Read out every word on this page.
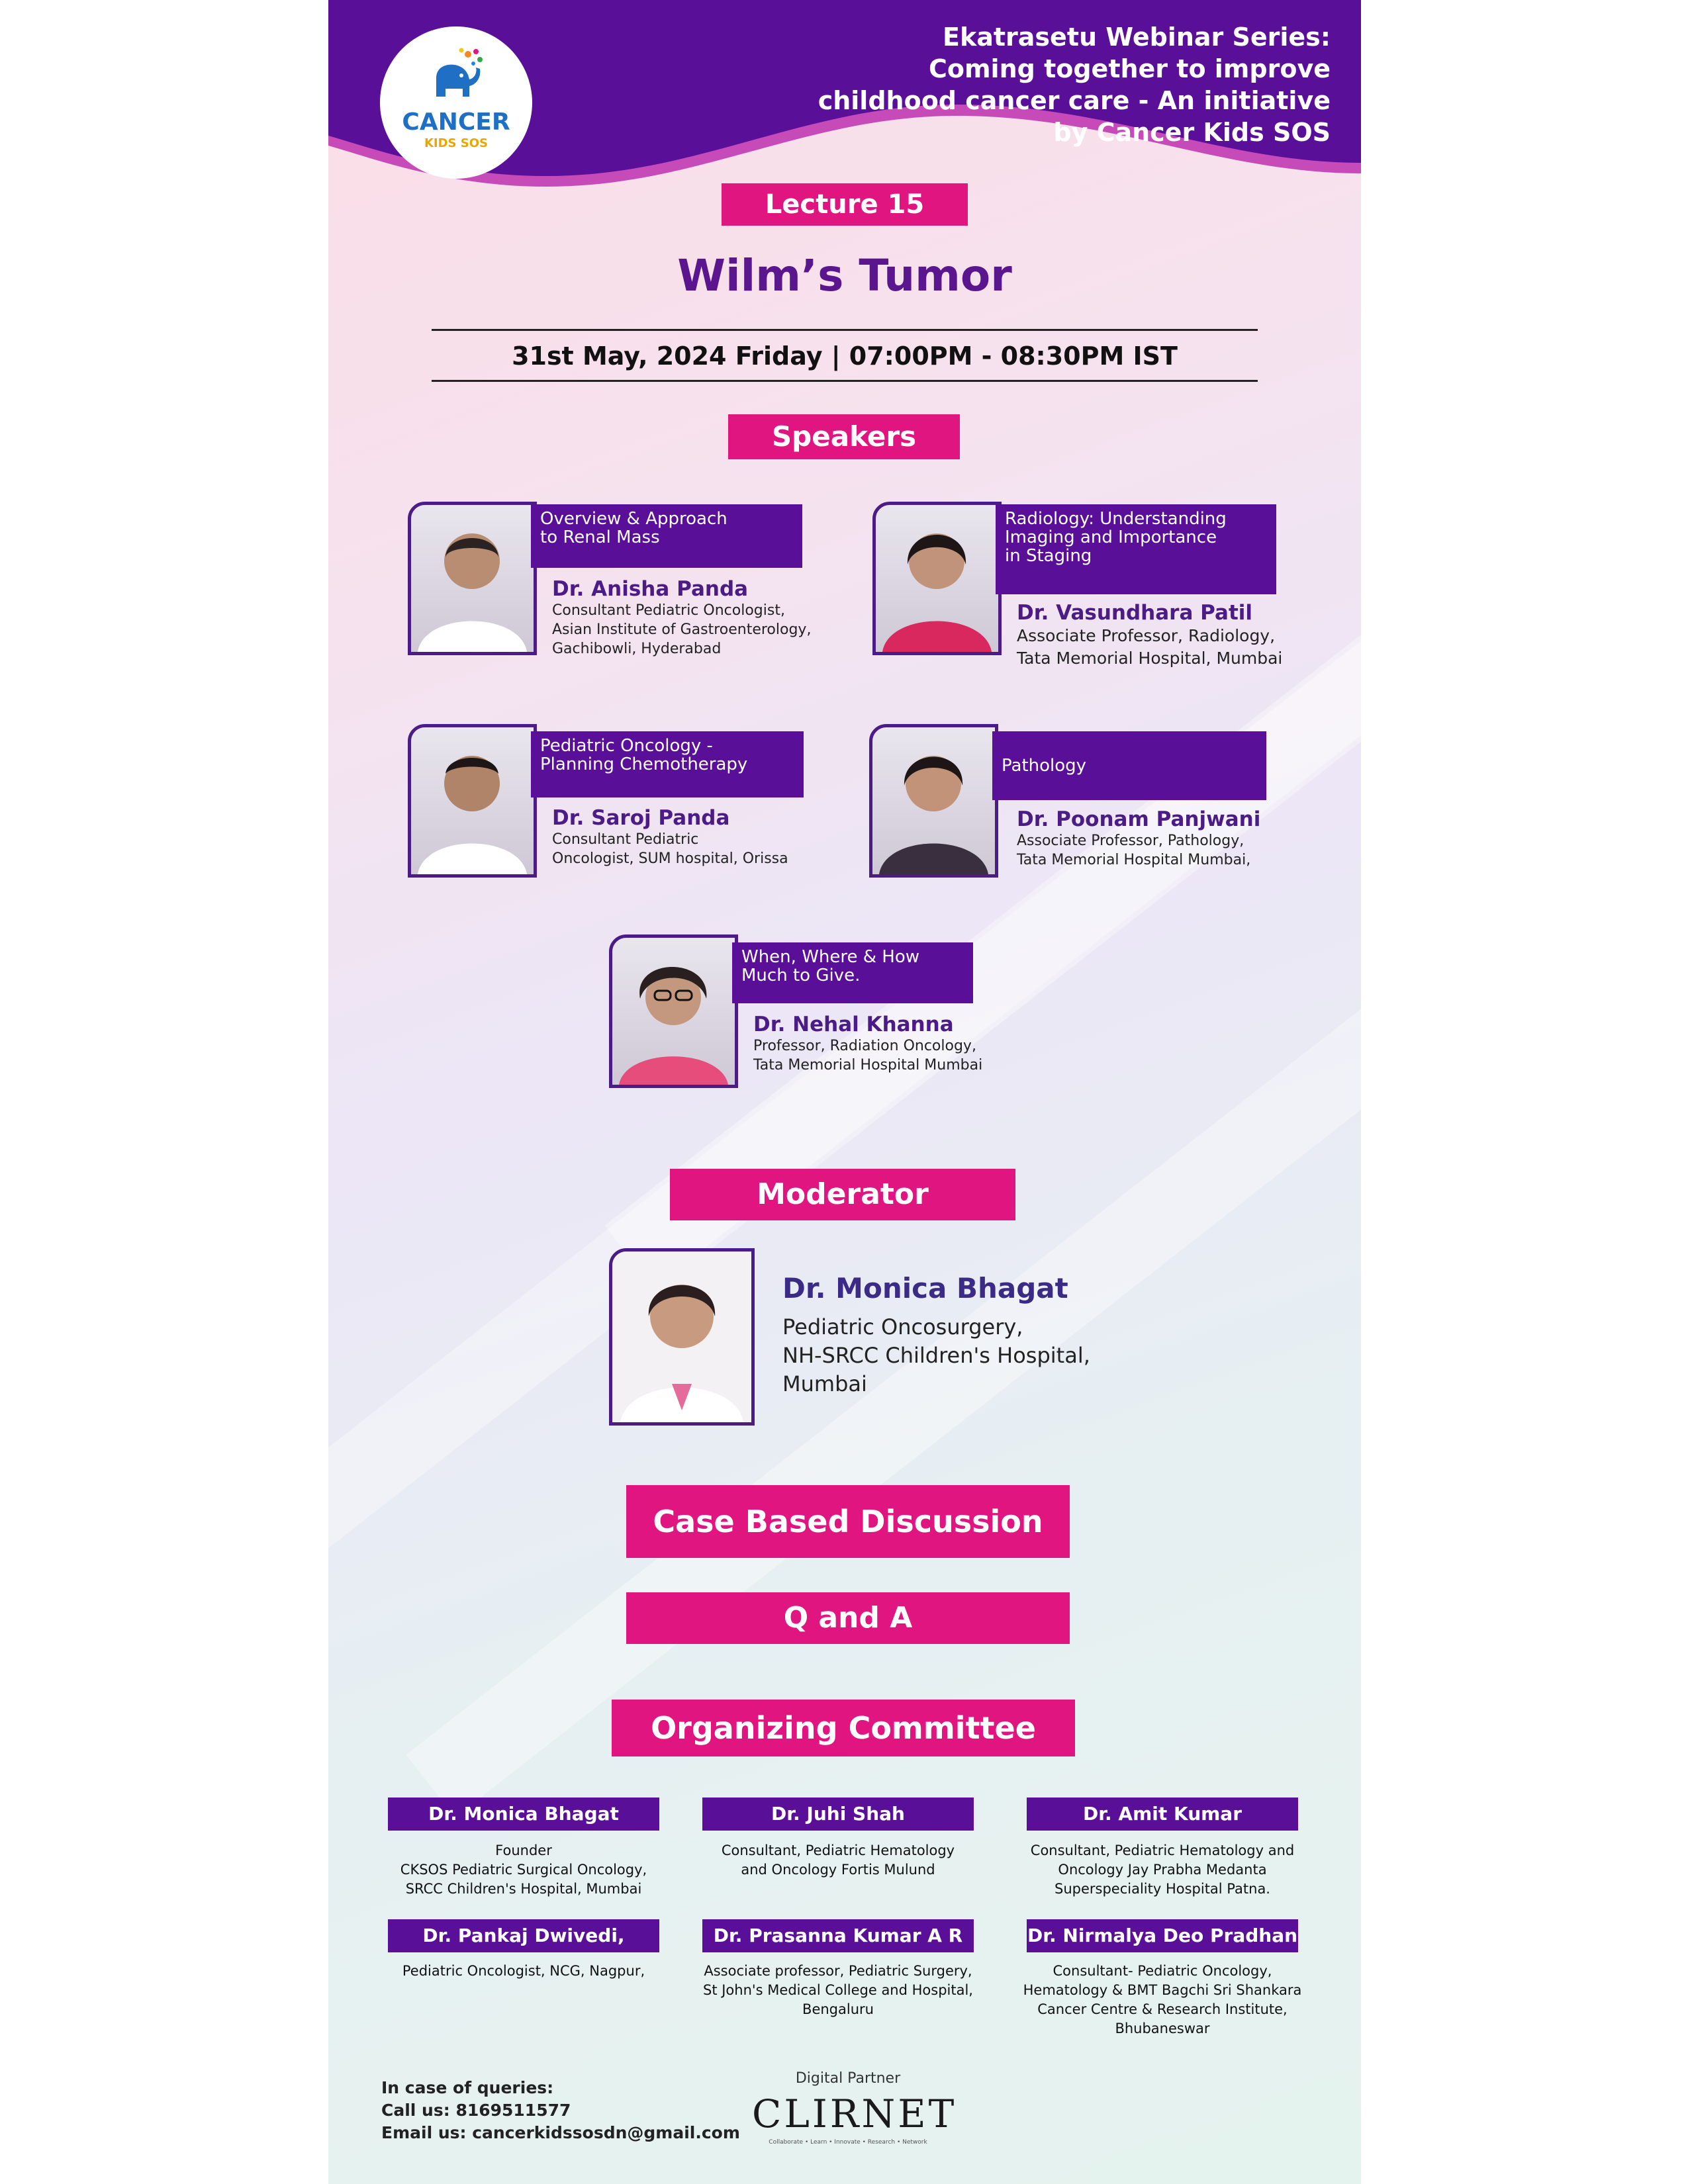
CANCER
KIDS SOS
Ekatrasetu Webinar Series:
Coming together to improve
childhood cancer care - An initiative
by Cancer Kids SOS
Lecture 15
Wilm’s Tumor
31st May, 2024 Friday | 07:00PM - 08:30PM IST
Speakers
Overview & Approach
to Renal Mass
Dr. Anisha Panda
Consultant Pediatric Oncologist,
Asian Institute of Gastroenterology,
Gachibowli, Hyderabad
Radiology: Understanding
Imaging and Importance
in Staging
Dr. Vasundhara Patil
Associate Professor, Radiology,
Tata Memorial Hospital, Mumbai
Pediatric Oncology -
Planning Chemotherapy
Dr. Saroj Panda
Consultant Pediatric
Oncologist, SUM hospital, Orissa
Pathology
Dr. Poonam Panjwani
Associate Professor, Pathology,
Tata Memorial Hospital Mumbai,
When, Where & How
Much to Give.
Dr. Nehal Khanna
Professor, Radiation Oncology,
Tata Memorial Hospital Mumbai
Moderator
Dr. Monica Bhagat
Pediatric Oncosurgery,
NH-SRCC Children's Hospital,
Mumbai
Case Based Discussion
Q and A
Organizing Committee
Dr. Monica Bhagat
Founder
CKSOS Pediatric Surgical Oncology,
SRCC Children's Hospital, Mumbai
Dr. Juhi Shah
Consultant, Pediatric Hematology
and Oncology Fortis Mulund
Dr. Amit Kumar
Consultant, Pediatric Hematology and
Oncology Jay Prabha Medanta
Superspeciality Hospital Patna.
Dr. Pankaj Dwivedi,
Pediatric Oncologist, NCG, Nagpur,
Dr. Prasanna Kumar A R
Associate professor, Pediatric Surgery,
St John's Medical College and Hospital,
Bengaluru
Dr. Nirmalya Deo Pradhan
Consultant- Pediatric Oncology,
Hematology & BMT Bagchi Sri Shankara
Cancer Centre & Research Institute,
Bhubaneswar
In case of queries:
Call us: 8169511577
Email us: cancerkidssosdn@gmail.com
Digital Partner
CLIRNET
Collaborate • Learn • Innovate • Research • Network
